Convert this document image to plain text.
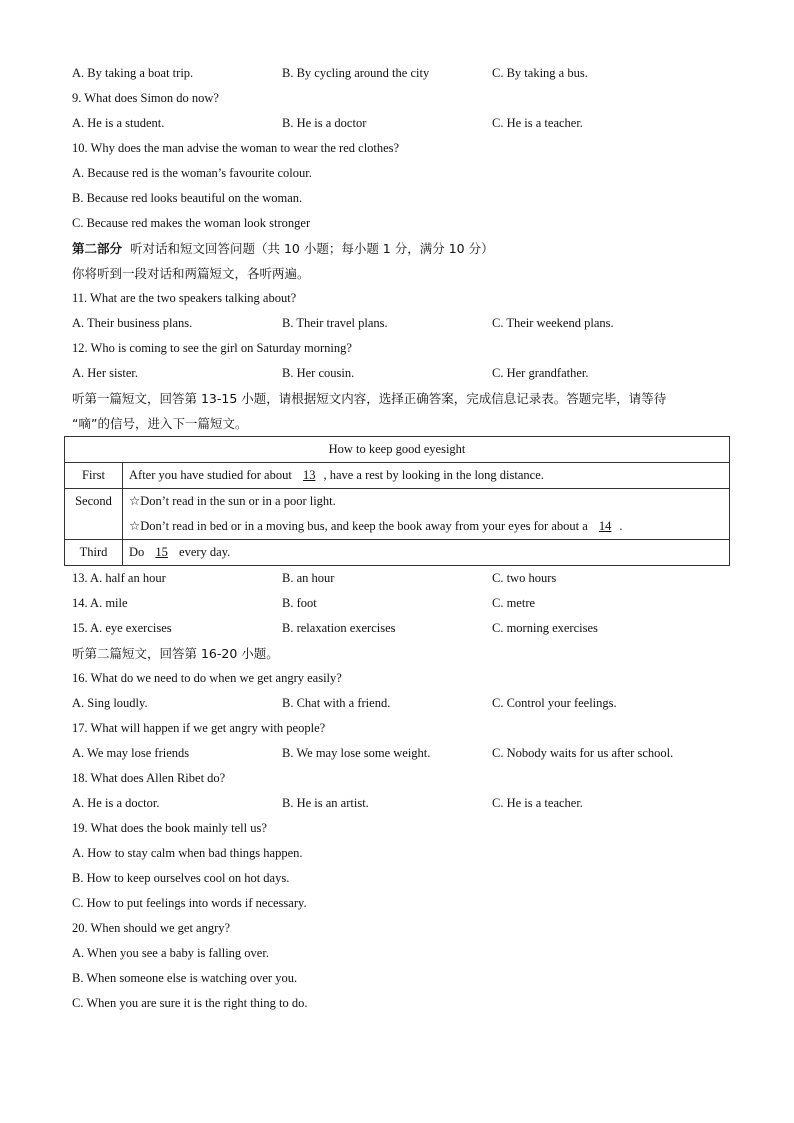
A. By taking a boat trip.	B. By cycling around the city	C. By taking a bus.
9. What does Simon do now?
A. He is a student.	B. He is a doctor	C. He is a teacher.
10. Why does the man advise the woman to wear the red clothes?
A. Because red is the woman’s favourite colour.
B. Because red looks beautiful on the woman.
C. Because red makes the woman look stronger
第二部分 听对话和短文回答问题（共 10 小题；每小题 1 分，满分 10 分）
你将听到一段对话和两篇短文，各听两遍。
11. What are the two speakers talking about?
A. Their business plans.	B. Their travel plans.	C. Their weekend plans.
12. Who is coming to see the girl on Saturday morning?
A. Her sister.	B. Her cousin.	C. Her grandfather.
听第一篇短文，回答第 13-15 小题，请根据短文内容，选择正确答案，完成信息记录表。答题完毕，请等待
“嘀”的信号，进入下一篇短文。
How to keep good eyesight	
First	After you have studied for about 13 , have a rest by looking in the long distance.

Second	☆Don’t read in the sun or in a poor light.
☆Don’t read in bed or in a moving bus, and keep the book away from your eyes for about a 14 .

Third	Do 15 every day.
13. A. half an hour	B. an hour	C. two hours
14. A. mile	B. foot	C. metre
15. A. eye exercises	B. relaxation exercises	C. morning exercises
听第二篇短文，回答第 16-20 小题。
16. What do we need to do when we get angry easily?
A. Sing loudly.	B. Chat with a friend.	C. Control your feelings.
17. What will happen if we get angry with people?
A. We may lose friends	B. We may lose some weight.	C. Nobody waits for us after school.
18. What does Allen Ribet do?
A. He is a doctor.	B. He is an artist.	C. He is a teacher.
19. What does the book mainly tell us?
A. How to stay calm when bad things happen.
B. How to keep ourselves cool on hot days.
C. How to put feelings into words if necessary.
20. When should we get angry?
A. When you see a baby is falling over.
B. When someone else is watching over you.
C. When you are sure it is the right thing to do.
